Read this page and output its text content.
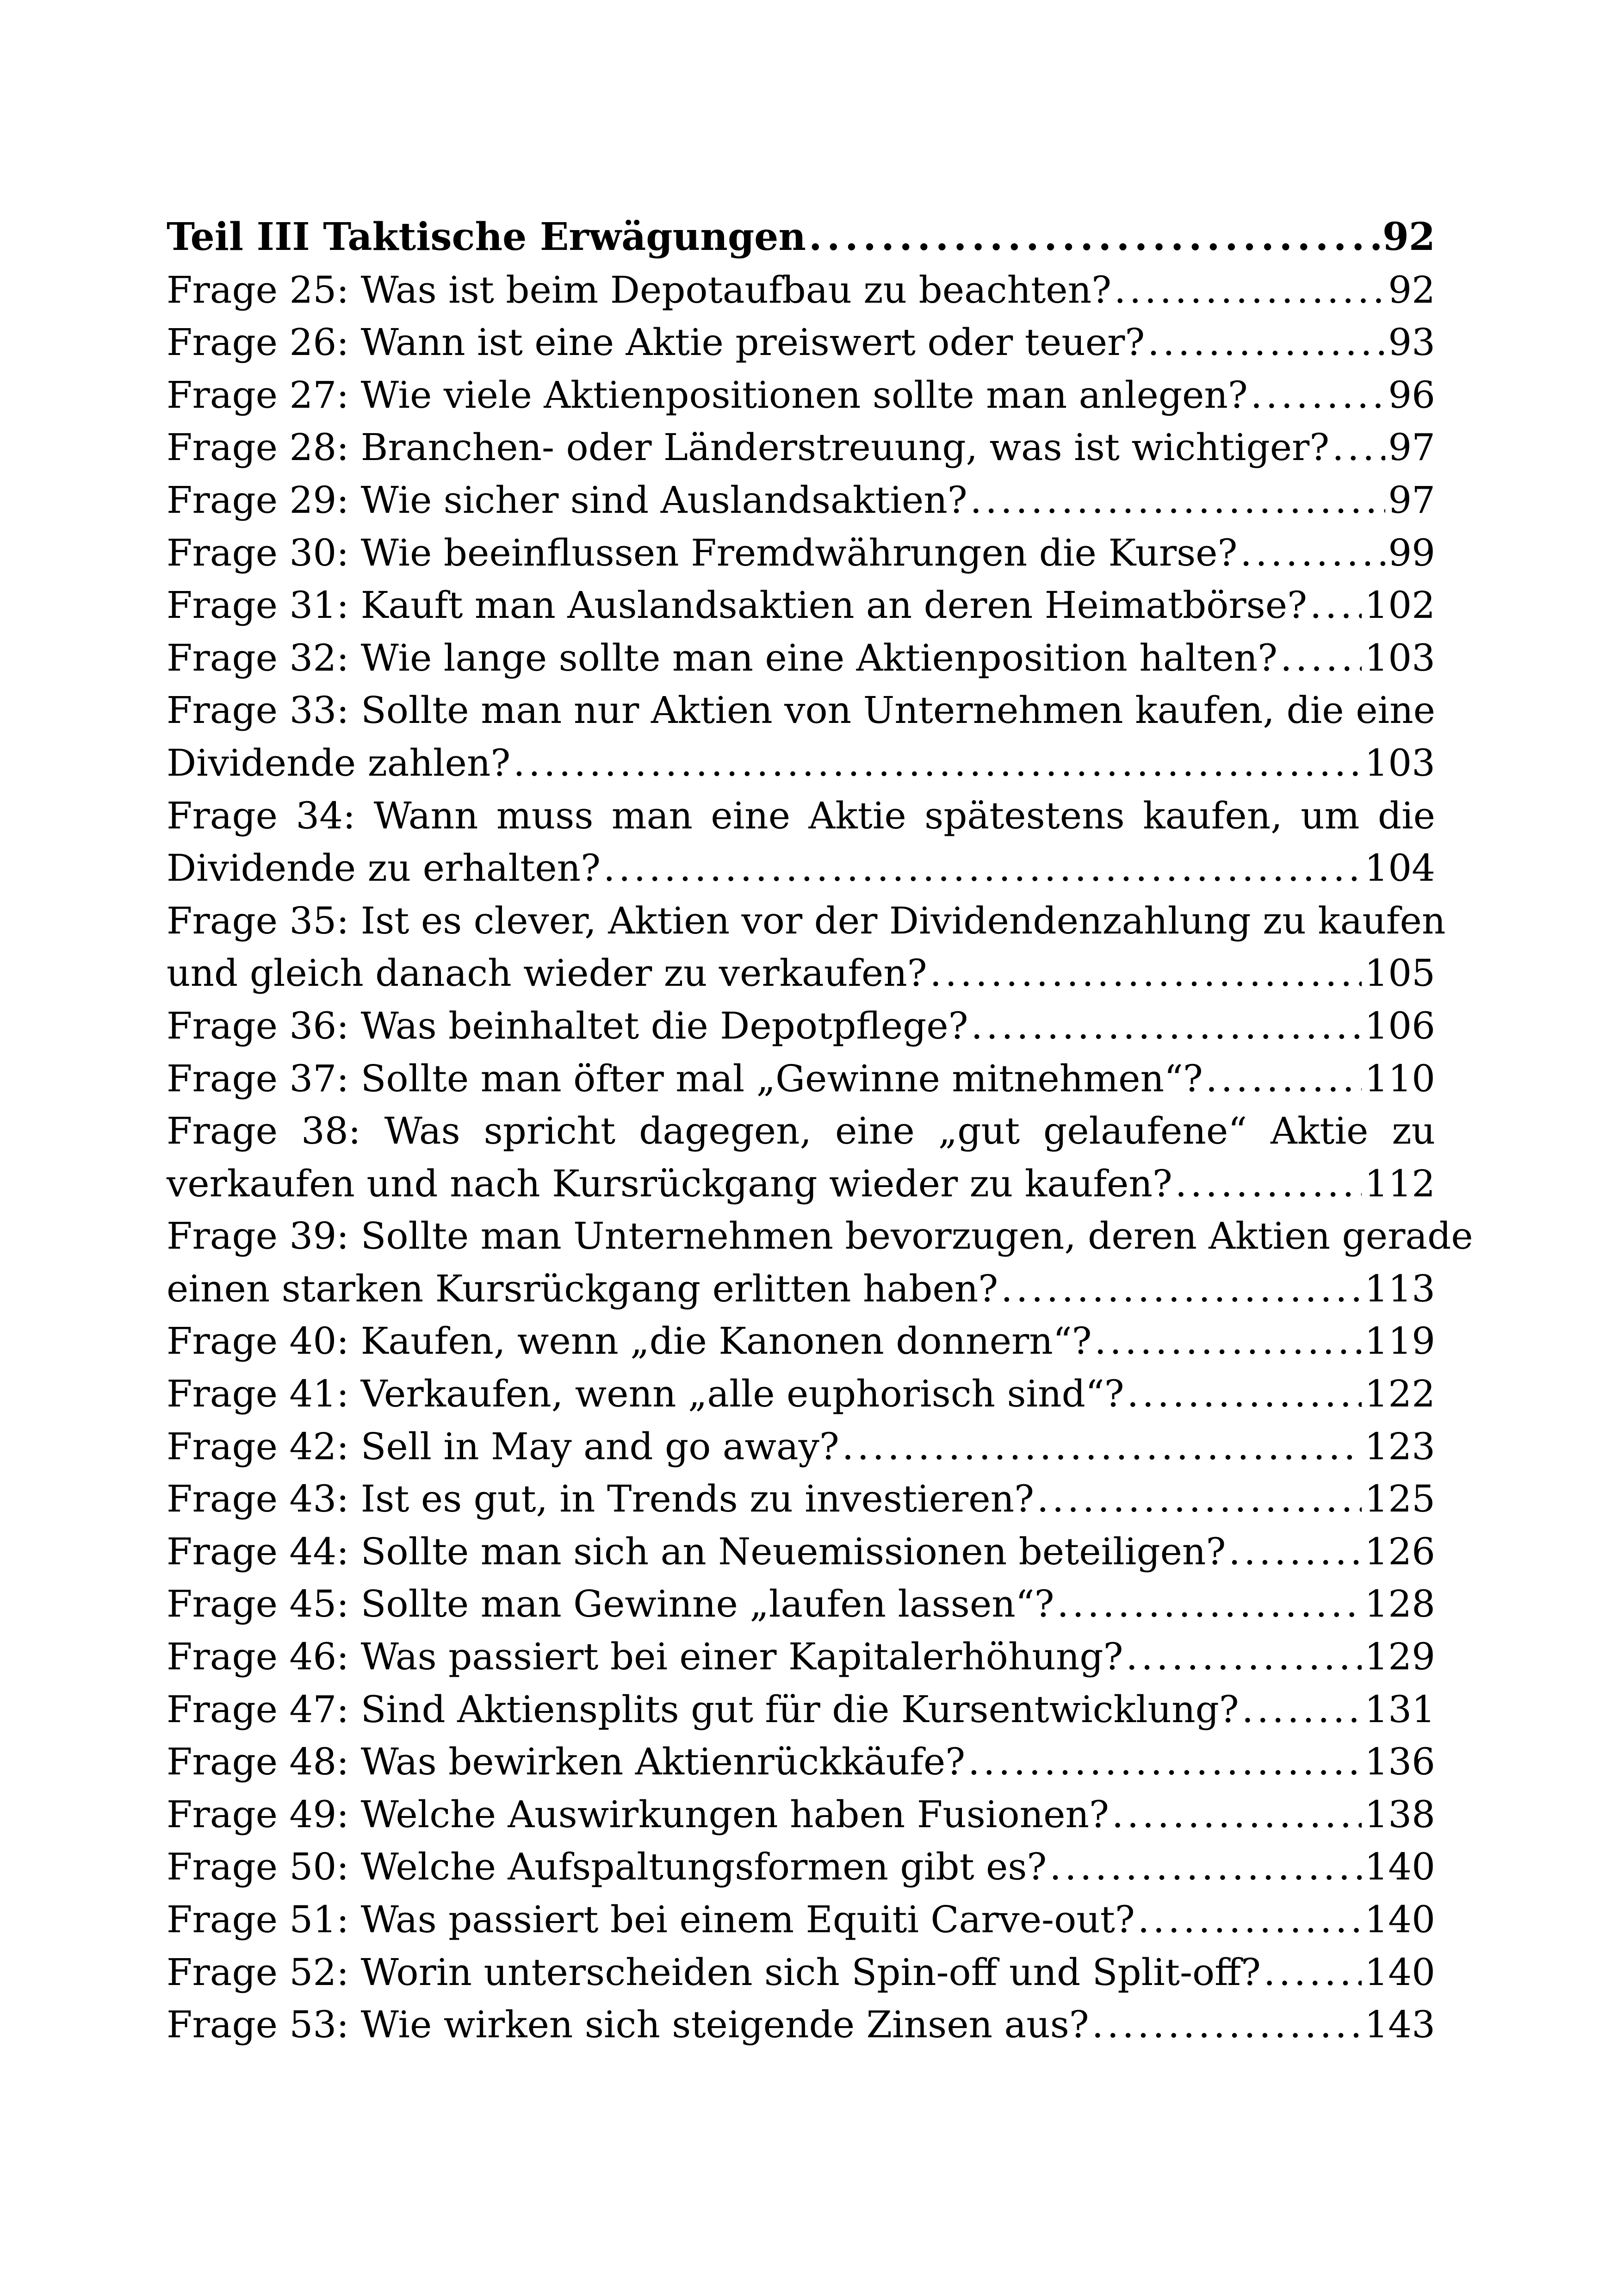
Teil III Taktische Erwägungen . . .	92
Frage 25: Was ist beim Depotaufbau zu beachten? . . .	92
Frage 26: Wann ist eine Aktie preiswert oder teuer? . . .	93
Frage 27: Wie viele Aktienpositionen sollte man anlegen? . . .	96
Frage 28: Branchen- oder Länderstreuung, was ist wichtiger? . . . 97
Frage 29: Wie sicher sind Auslandsaktien? . . .	97
Frage 30: Wie beeinflussen Fremdwährungen die Kurse? . . .	99
Frage 31: Kauft man Auslandsaktien an deren Heimatbörse? . . . 102
Frage 32: Wie lange sollte man eine Aktienposition halten? . . . 103
Frage 33: Sollte man nur Aktien von Unternehmen kaufen, die eine
Dividende zahlen? . . .	103
Frage 34: Wann muss man eine Aktie spätestens kaufen, um die
Dividende zu erhalten? . . .	104
Frage 35: Ist es clever, Aktien vor der Dividendenzahlung zu kaufen
und gleich danach wieder zu verkaufen? . . .	105
Frage 36: Was beinhaltet die Depotpflege? . . .	106
Frage 37: Sollte man öfter mal „Gewinne mitnehmen“? . . .	110
Frage 38: Was spricht dagegen, eine „gut gelaufene“ Aktie zu
verkaufen und nach Kursrückgang wieder zu kaufen? . . .	112
Frage 39: Sollte man Unternehmen bevorzugen, deren Aktien gerade
einen starken Kursrückgang erlitten haben? . . .	113
Frage 40: Kaufen, wenn „die Kanonen donnern“? . . .	119
Frage 41: Verkaufen, wenn „alle euphorisch sind“? . . .	122
Frage 42: Sell in May and go away? . . .	123
Frage 43: Ist es gut, in Trends zu investieren? . . .	125
Frage 44: Sollte man sich an Neuemissionen beteiligen? . . .	126
Frage 45: Sollte man Gewinne „laufen lassen“? . . .	128
Frage 46: Was passiert bei einer Kapitalerhöhung? . . .	129
Frage 47: Sind Aktiensplits gut für die Kursentwicklung? . . .	131
Frage 48: Was bewirken Aktienrückkäufe? . . .	136
Frage 49: Welche Auswirkungen haben Fusionen? . . .	138
Frage 50: Welche Aufspaltungsformen gibt es? . . .	140
Frage 51: Was passiert bei einem Equiti Carve-out? . . .	140
Frage 52: Worin unterscheiden sich Spin-off und Split-off? . . .	140
Frage 53: Wie wirken sich steigende Zinsen aus? . . .	143
